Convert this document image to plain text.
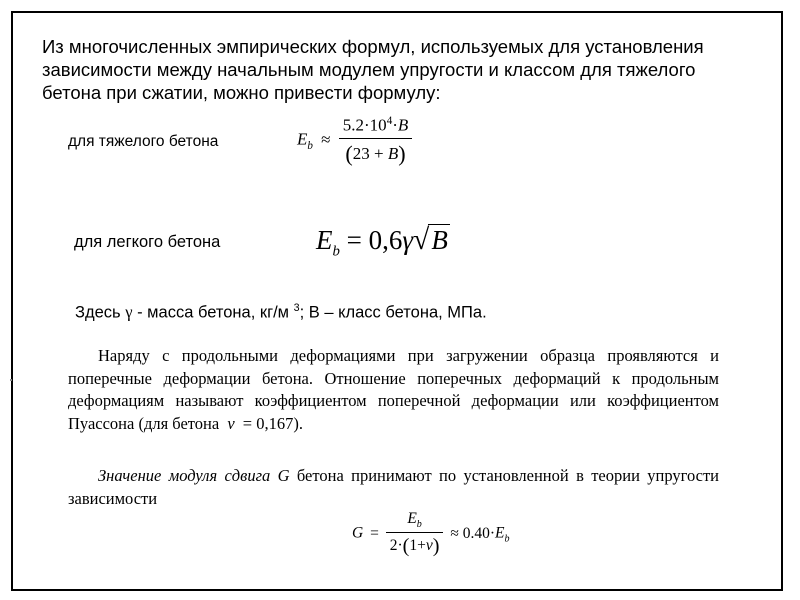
Из многочисленных эмпирических формул, используемых для установления зависимости между начальным модулем упругости и классом для тяжелого бетона при сжатии, можно привести формулу:
для тяжелого бетона	$E_b \approx \frac{5.2\cdot 10^4\cdot B}{(23 + B)}$
для легкого бетона	$E_b = 0,6\gamma√B$
Здесь γ - масса бетона, кг/м $^3$; В – класс бетона, МПа.
Наряду с продольными деформациями при загружении образца проявляются и поперечные деформации бетона. Отношение поперечных деформаций к продольным деформациям называют коэффициентом поперечной деформации или коэффициентом Пуассона (для бетона ν = 0,167).
Значение модуля сдвига G бетона принимают по установленной в теории упругости зависимости
$G = \frac{E_b}{2\cdot(1+\nu)} \approx 0.40\cdot E_b$
